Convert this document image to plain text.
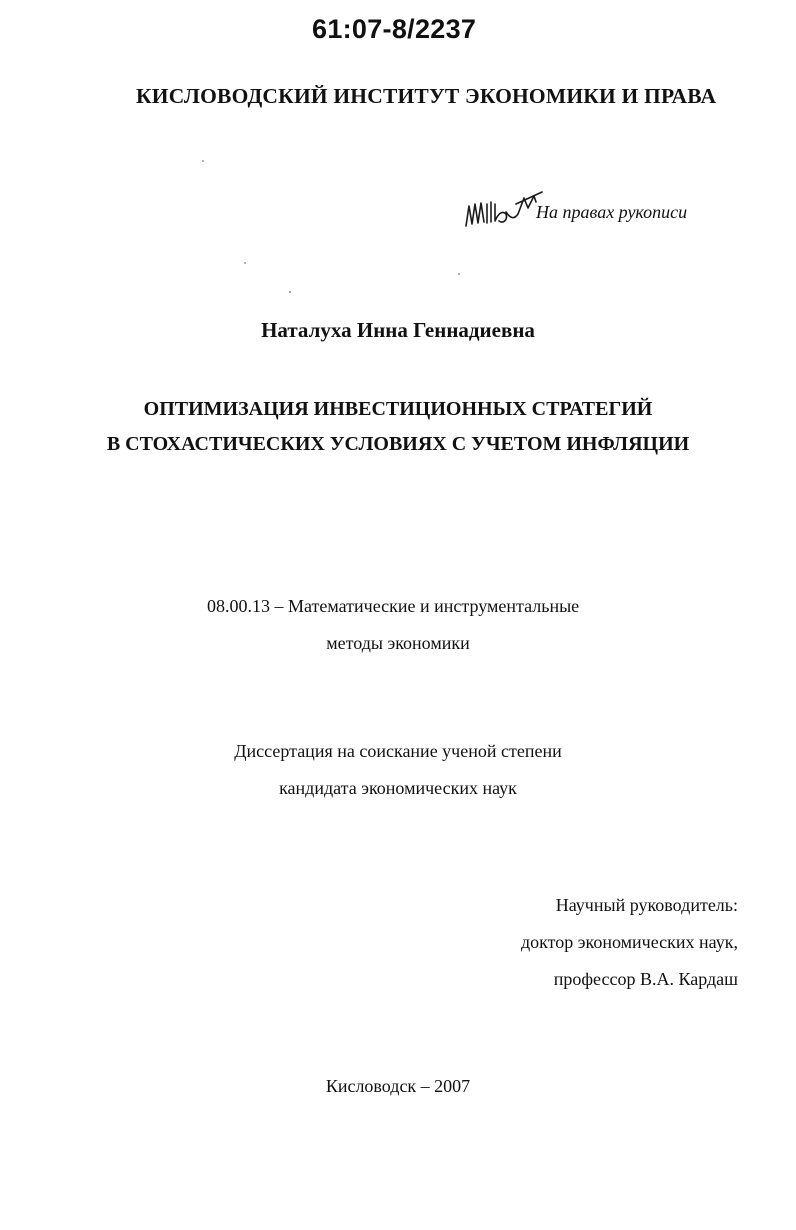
61:07-8/2237
КИСЛОВОДСКИЙ ИНСТИТУТ ЭКОНОМИКИ И ПРАВА
На правах рукописи
Наталуха Инна Геннадиевна
ОПТИМИЗАЦИЯ ИНВЕСТИЦИОННЫХ СТРАТЕГИЙ
В СТОХАСТИЧЕСКИХ УСЛОВИЯХ С УЧЕТОМ ИНФЛЯЦИИ
08.00.13 – Математические и инструментальные
методы экономики
Диссертация на соискание ученой степени
кандидата экономических наук
Научный руководитель:
доктор экономических наук,
профессор В.А. Кардаш
Кисловодск – 2007
